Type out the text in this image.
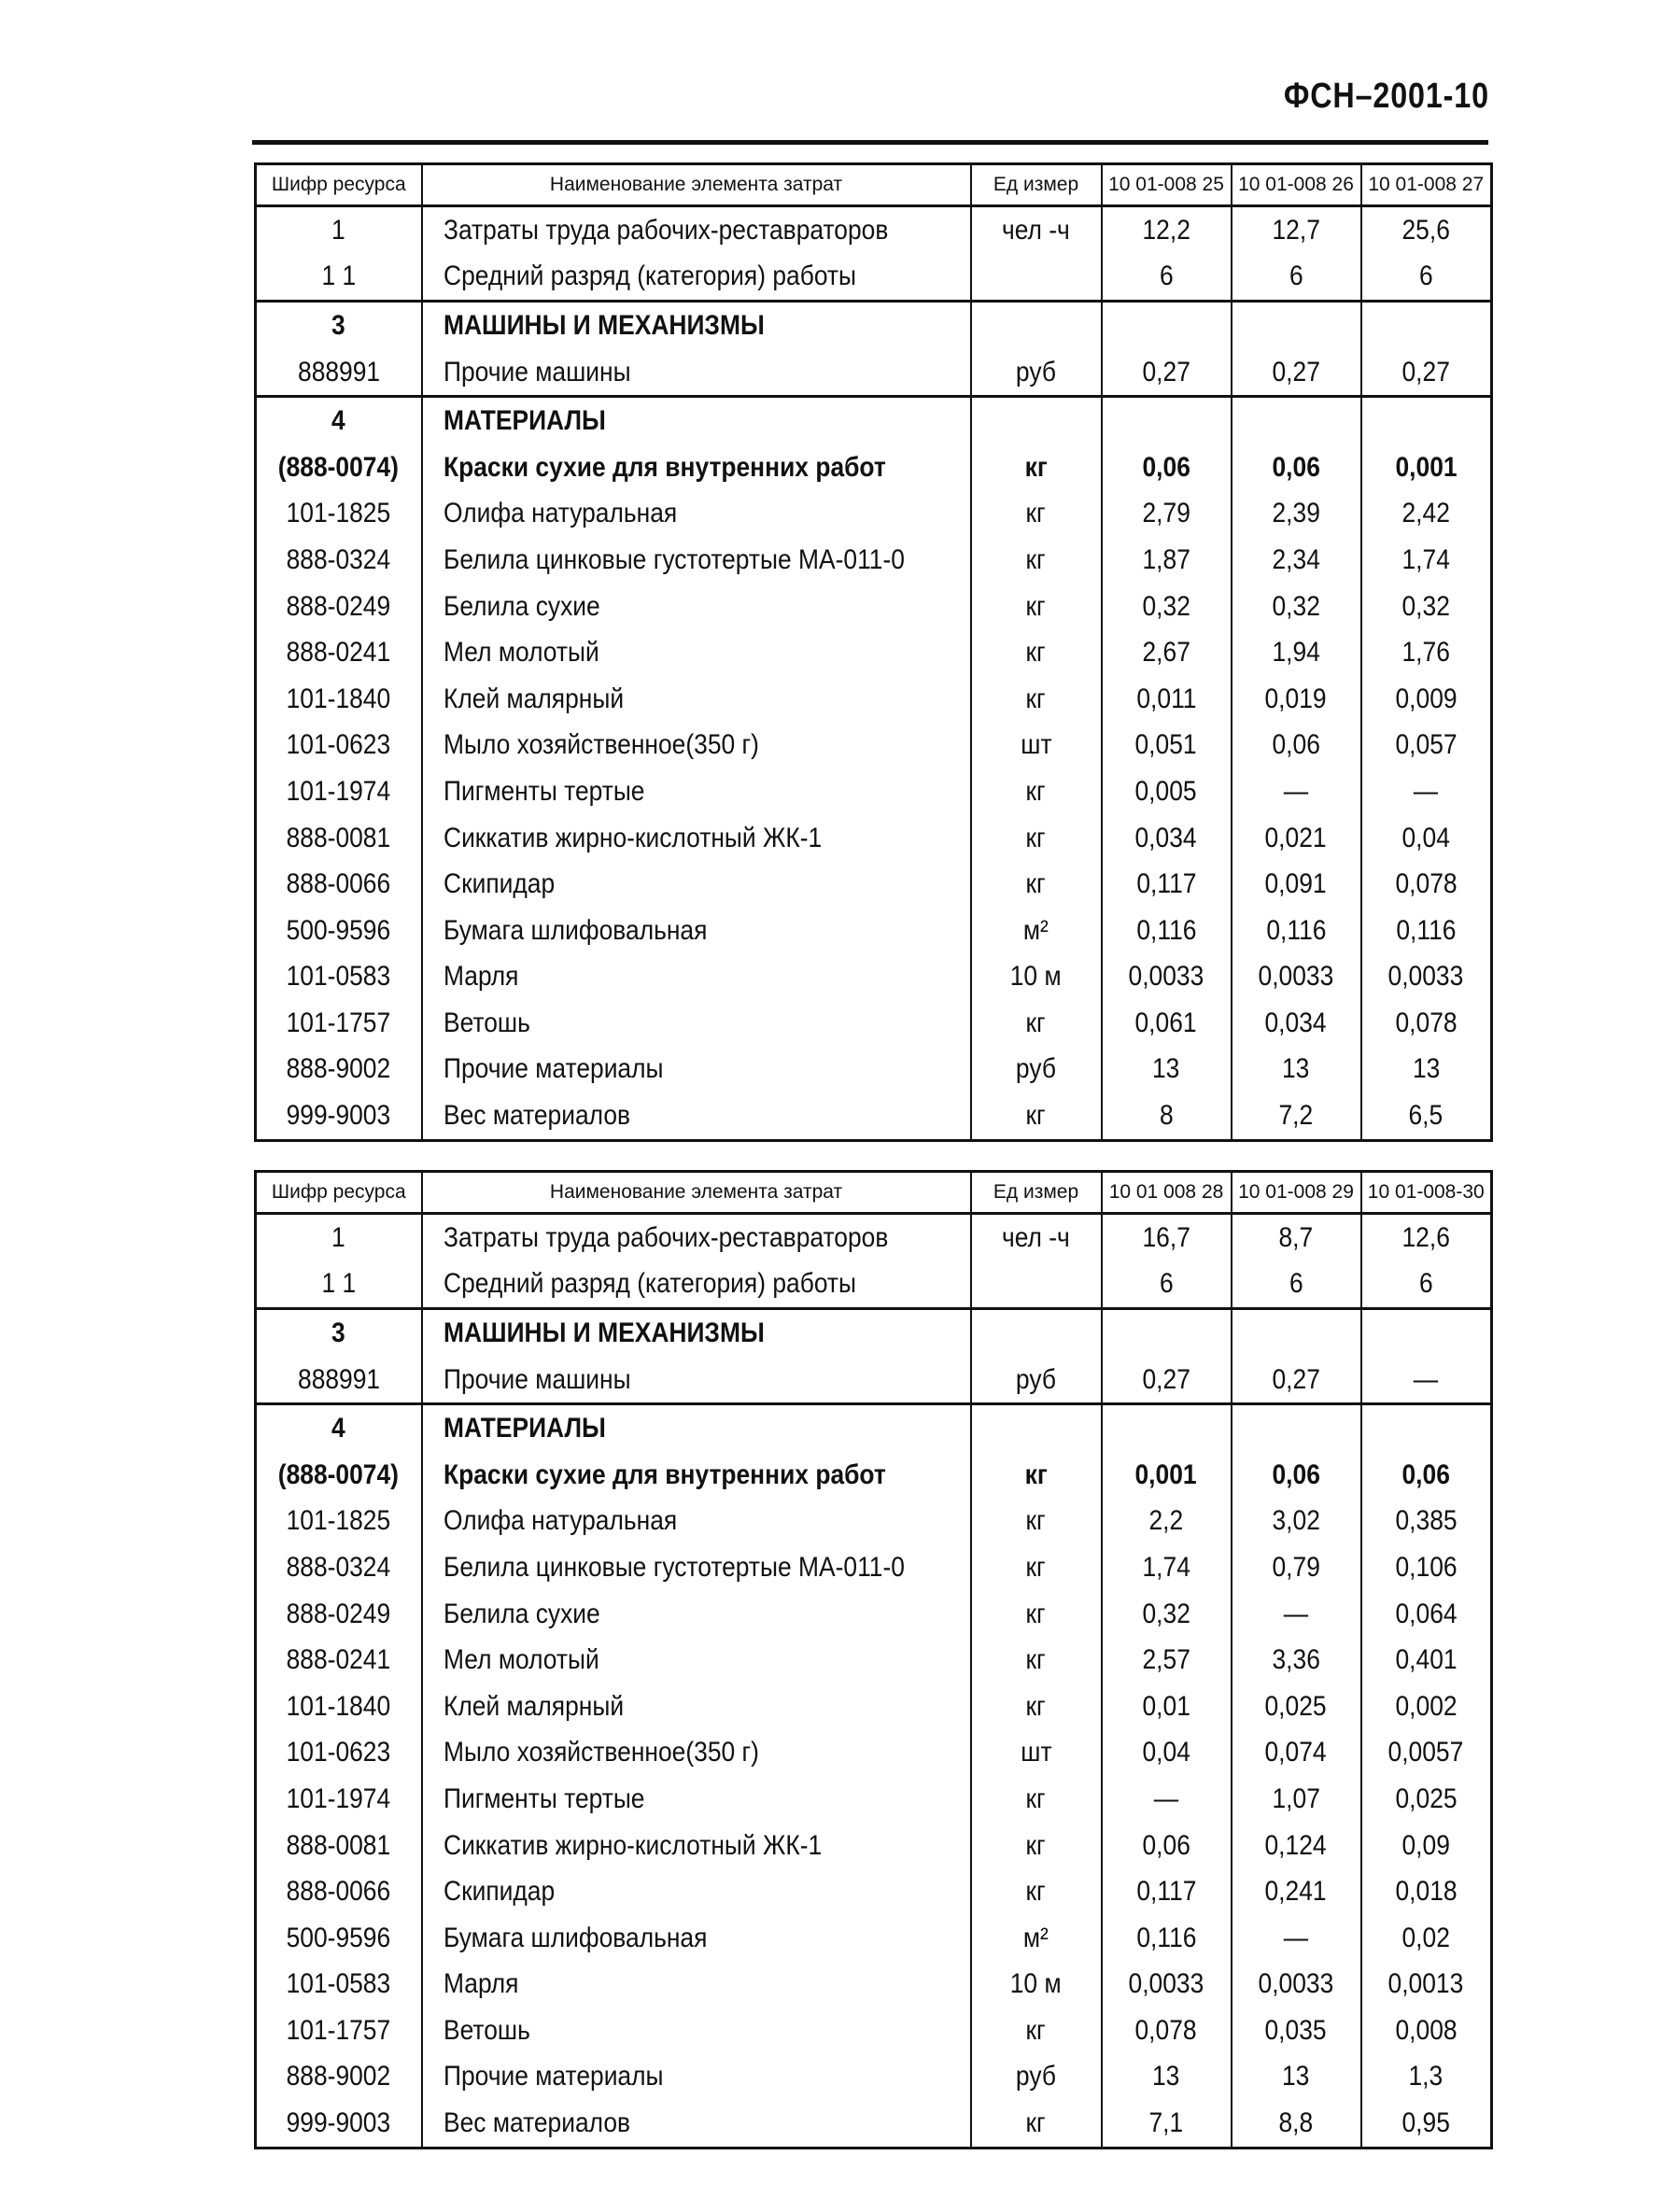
ФСН–2001-10
Шифр ресурса	Наименование элемента затрат	Ед измер	10 01-008 25	10 01-008 26	10 01-008 27
1	Затраты труда рабочих-реставраторов	чел -ч	12,2	12,7	25,6
1 1	Средний разряд (категория) работы		6	6	6
3	МАШИНЫ И МЕХАНИЗМЫ				
888991	Прочие машины	руб	0,27	0,27	0,27
4	МАТЕРИАЛЫ				
(888-0074)	Краски сухие для внутренних работ	кг	0,06	0,06	0,001
101-1825	Олифа натуральная	кг	2,79	2,39	2,42
888-0324	Белила цинковые густотертые МА-011-0	кг	1,87	2,34	1,74
888-0249	Белила сухие	кг	0,32	0,32	0,32
888-0241	Мел молотый	кг	2,67	1,94	1,76
101-1840	Клей малярный	кг	0,011	0,019	0,009
101-0623	Мыло хозяйственное(350 г)	шт	0,051	0,06	0,057
101-1974	Пигменты тертые	кг	0,005	—	—
888-0081	Сиккатив жирно-кислотный ЖК-1	кг	0,034	0,021	0,04
888-0066	Скипидар	кг	0,117	0,091	0,078
500-9596	Бумага шлифовальная	м²	0,116	0,116	0,116
101-0583	Марля	10 м	0,0033	0,0033	0,0033
101-1757	Ветошь	кг	0,061	0,034	0,078
888-9002	Прочие материалы	руб	13	13	13
999-9003	Вес материалов	кг	8	7,2	6,5
Шифр ресурса	Наименование элемента затрат	Ед измер	10 01 008 28	10 01-008 29	10 01-008-30
1	Затраты труда рабочих-реставраторов	чел -ч	16,7	8,7	12,6
1 1	Средний разряд (категория) работы		6	6	6
3	МАШИНЫ И МЕХАНИЗМЫ				
888991	Прочие машины	руб	0,27	0,27	—
4	МАТЕРИАЛЫ				
(888-0074)	Краски сухие для внутренних работ	кг	0,001	0,06	0,06
101-1825	Олифа натуральная	кг	2,2	3,02	0,385
888-0324	Белила цинковые густотертые МА-011-0	кг	1,74	0,79	0,106
888-0249	Белила сухие	кг	0,32	—	0,064
888-0241	Мел молотый	кг	2,57	3,36	0,401
101-1840	Клей малярный	кг	0,01	0,025	0,002
101-0623	Мыло хозяйственное(350 г)	шт	0,04	0,074	0,0057
101-1974	Пигменты тертые	кг	—	1,07	0,025
888-0081	Сиккатив жирно-кислотный ЖК-1	кг	0,06	0,124	0,09
888-0066	Скипидар	кг	0,117	0,241	0,018
500-9596	Бумага шлифовальная	м²	0,116	—	0,02
101-0583	Марля	10 м	0,0033	0,0033	0,0013
101-1757	Ветошь	кг	0,078	0,035	0,008
888-9002	Прочие материалы	руб	13	13	1,3
999-9003	Вес материалов	кг	7,1	8,8	0,95
